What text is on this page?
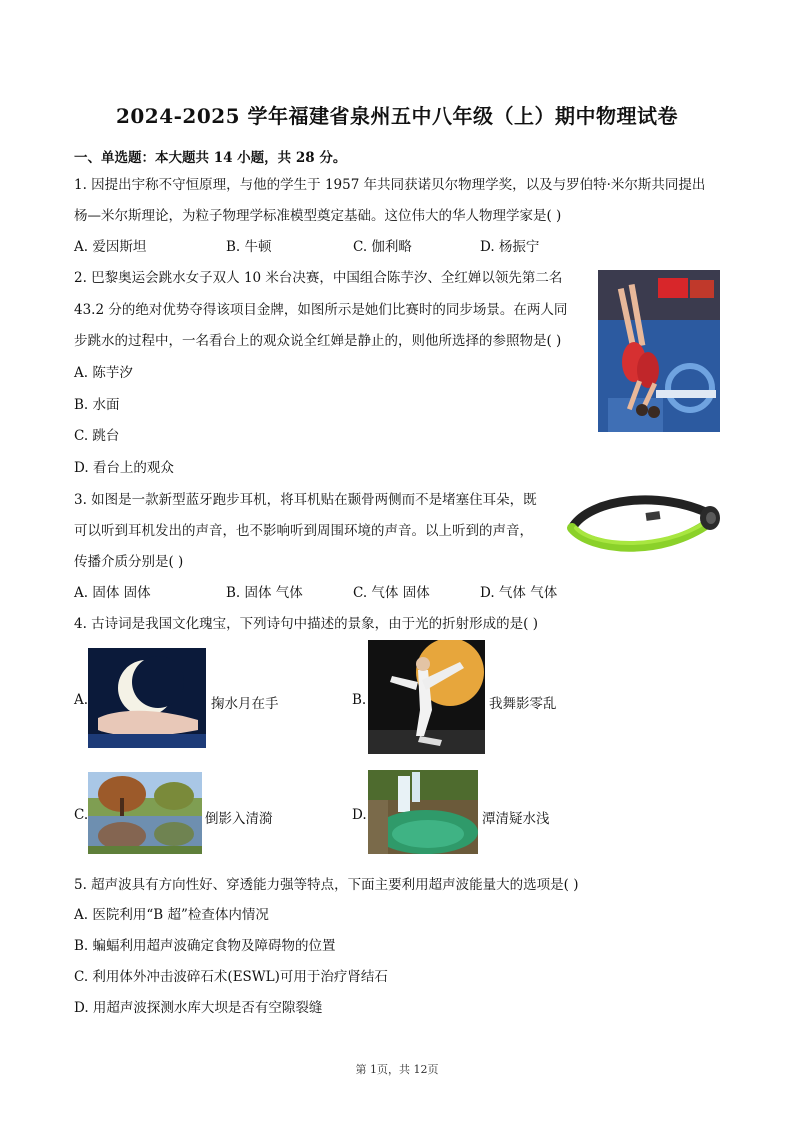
2024-2025 学年福建省泉州五中八年级（上）期中物理试卷
一、单选题：本大题共 14 小题，共 28 分。
1. 因提出宇称不守恒原理，与他的学生于 1957 年共同获诺贝尔物理学奖，以及与罗伯特·米尔斯共同提出
杨—米尔斯理论，为粒子物理学标准模型奠定基础。这位伟大的华人物理学家是( )
A. 爱因斯坦	B. 牛顿	C. 伽利略	D. 杨振宁
2. 巴黎奥运会跳水女子双人 10 米台决赛，中国组合陈芋汐、全红婵以领先第二名
43.2 分的绝对优势夺得该项目金牌，如图所示是她们比赛时的同步场景。在两人同
步跳水的过程中，一名看台上的观众说全红婵是静止的，则他所选择的参照物是( )
A. 陈芋汐
B. 水面
C. 跳台
D. 看台上的观众
3. 如图是一款新型蓝牙跑步耳机，将耳机贴在颞骨两侧而不是堵塞住耳朵，既
可以听到耳机发出的声音，也不影响听到周围环境的声音。以上听到的声音，
传播介质分别是( )
A. 固体 固体	B. 固体 气体	C. 气体 固体	D. 气体 气体
4. 古诗词是我国文化瑰宝，下列诗句中描述的景象，由于光的折射形成的是( )
A.	掬水月在手	B.	我舞影零乱
C.	倒影入清漪	D.	潭清疑水浅
5. 超声波具有方向性好、穿透能力强等特点，下面主要利用超声波能量大的选项是( )
A. 医院利用“B 超”检查体内情况
B. 蝙蝠利用超声波确定食物及障碍物的位置
C. 利用体外冲击波碎石术(ESWL)可用于治疗肾结石
D. 用超声波探测水库大坝是否有空隙裂缝
第 1页，共 12页
